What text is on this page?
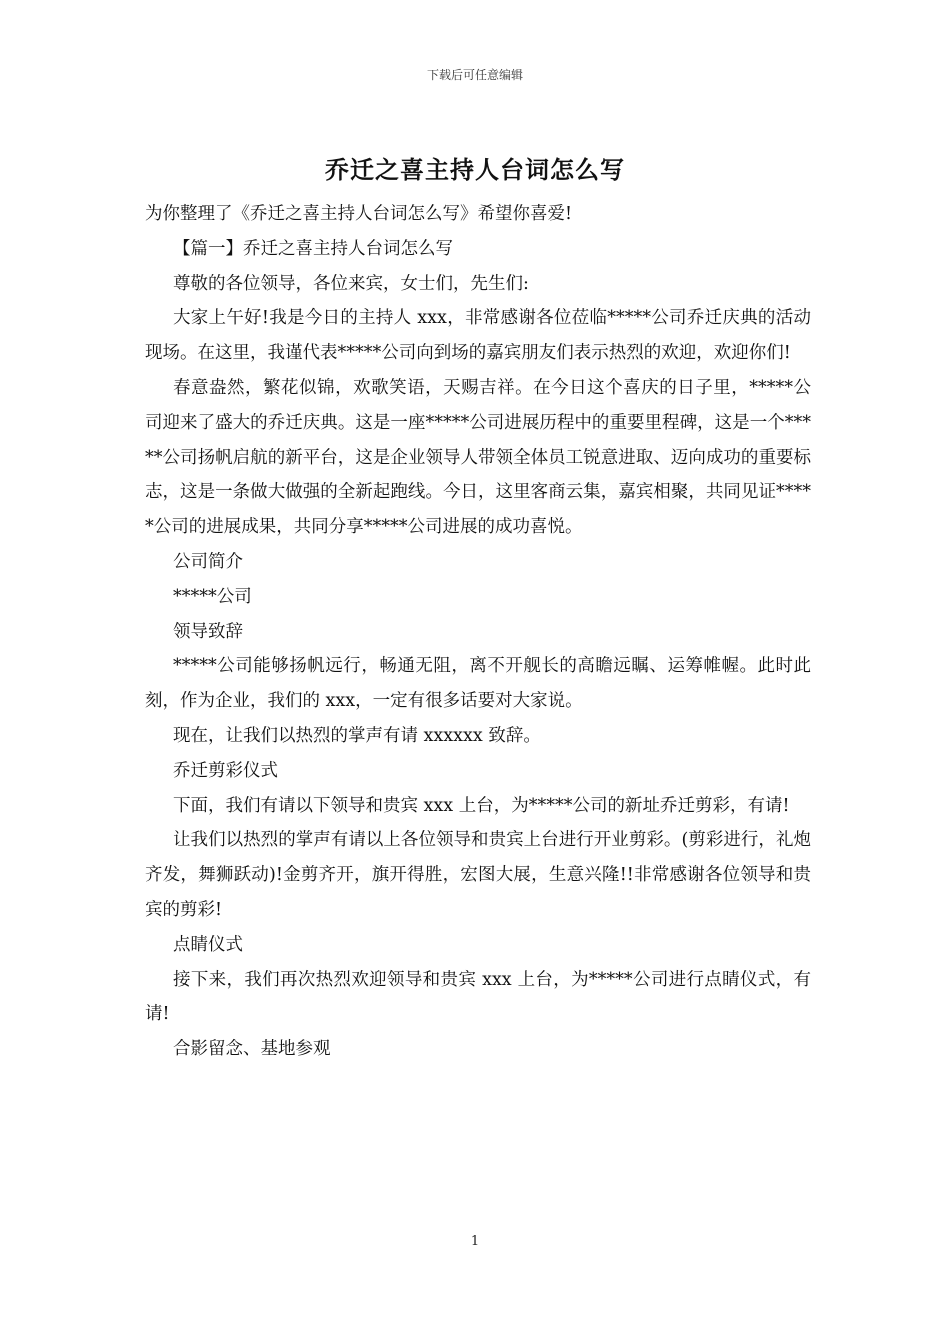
下载后可任意编辑
乔迁之喜主持人台词怎么写

为你整理了《乔迁之喜主持人台词怎么写》希望你喜爱!

【篇一】乔迁之喜主持人台词怎么写

尊敬的各位领导，各位来宾，女士们，先生们:

大家上午好!我是今日的主持人 xxx，非常感谢各位莅临*****公司乔迁庆典的活动现场。在这里，我谨代表*****公司向到场的嘉宾朋友们表示热烈的欢迎，欢迎你们!

春意盎然，繁花似锦，欢歌笑语，天赐吉祥。在今日这个喜庆的日子里，*****公司迎来了盛大的乔迁庆典。这是一座*****公司进展历程中的重要里程碑，这是一个*****公司扬帆启航的新平台，这是企业领导人带领全体员工锐意进取、迈向成功的重要标志，这是一条做大做强的全新起跑线。今日，这里客商云集，嘉宾相聚，共同见证*****公司的进展成果，共同分享*****公司进展的成功喜悦。

公司简介

*****公司

领导致辞

*****公司能够扬帆远行，畅通无阻，离不开舰长的高瞻远瞩、运筹帷幄。此时此刻，作为企业，我们的 xxx，一定有很多话要对大家说。

现在，让我们以热烈的掌声有请 xxxxxx 致辞。

乔迁剪彩仪式

下面，我们有请以下领导和贵宾 xxx 上台，为*****公司的新址乔迁剪彩，有请!

让我们以热烈的掌声有请以上各位领导和贵宾上台进行开业剪彩。(剪彩进行，礼炮齐发，舞狮跃动)!金剪齐开，旗开得胜，宏图大展，生意兴隆!!非常感谢各位领导和贵宾的剪彩!

点睛仪式

接下来，我们再次热烈欢迎领导和贵宾 xxx 上台，为*****公司进行点睛仪式，有请!

合影留念、基地参观

1
